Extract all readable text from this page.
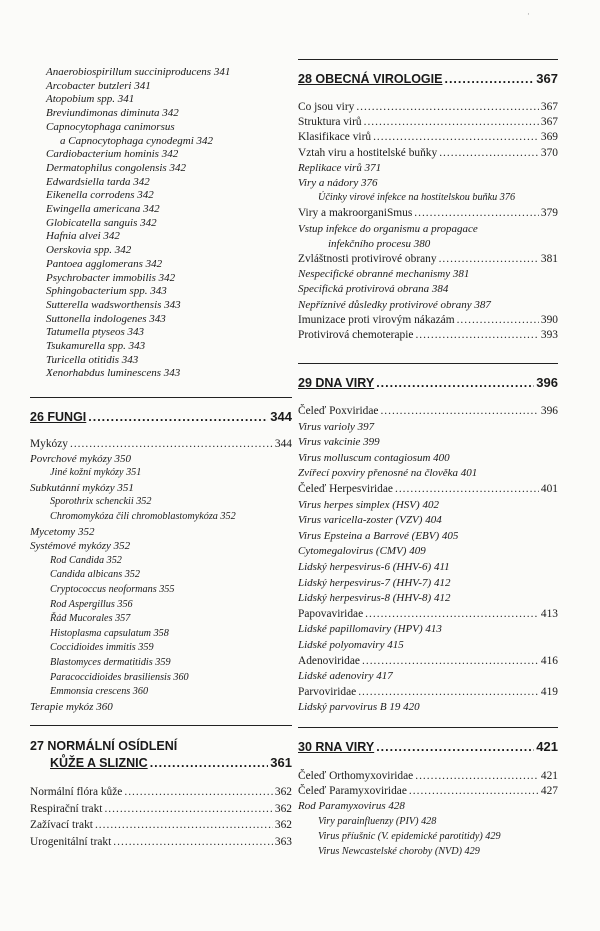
Anaerobiospirillum succiniproducens 341
Arcobacter butzleri 341
Atopobium spp. 341
Breviundimonas diminuta 342
Capnocytophaga canimorsus
a Capnocytophaga cynodegmi 342
Cardiobacterium hominis 342
Dermatophilus congolensis 342
Edwardsiella tarda 342
Eikenella corrodens 342
Ewingella americana 342
Globicatella sanguis 342
Hafnia alvei 342
Oerskovia spp. 342
Pantoea agglomerans 342
Psychrobacter immobilis 342
Sphingobacterium spp. 343
Sutterella wadsworthensis 343
Suttonella indologenes 343
Tatumella ptyseos 343
Tsukamurella spp. 343
Turicella otitidis 343
Xenorhabdus luminescens 343
26 FUNGI .....	344
Mykózy .....	344
Povrchové mykózy 350
Jiné kožní mykózy 351
Subkutánní mykózy 351
Sporothrix schenckii 352
Chromomykóza čili chromoblastomykóza 352
Mycetomy 352
Systémové mykózy 352
Rod Candida 352
Candida albicans 352
Cryptococcus neoformans 355
Rod Aspergillus 356
Řád Mucorales 357
Histoplasma capsulatum 358
Coccidioides immitis 359
Blastomyces dermatitidis 359
Paracoccidioides brasiliensis 360
Emmonsia crescens 360
Terapie mykóz 360
27 NORMÁLNÍ OSÍDLENÍ
KŮŽE A SLIZNIC .....	361
Normální flóra kůže .....	362
Respirační trakt .....	362
Zažívací trakt .....	362
Urogenitální trakt .....	363
28 OBECNÁ VIROLOGIE .....	367
Co jsou viry .....	367
Struktura virů .....	367
Klasifikace virů .....	369
Vztah viru a hostitelské buňky .....	370
Replikace virů 371
Viry a nádory 376
Účinky virové infekce na hostitelskou buňku 376
Viry a makroorganiSmus .....	379
Vstup infekce do organismu a propagace
infekčního procesu 380
Zvláštnosti protivirové obrany .....	381
Nespecifické obranné mechanismy 381
Specifická protivirová obrana 384
Nepříznivé důsledky protivirové obrany 387
Imunizace proti virovým nákazám .....	390
Protivirová chemoterapie .....	393
29 DNA VIRY .....	396
Čeleď Poxviridae .....	396
Virus varioly 397
Virus vakcinie 399
Virus molluscum contagiosum 400
Zvířecí poxviry přenosné na člověka 401
Čeleď Herpesviridae .....	401
Virus herpes simplex (HSV) 402
Virus varicella-zoster (VZV) 404
Virus Epsteina a Barrové (EBV) 405
Cytomegalovirus (CMV) 409
Lidský herpesvirus-6 (HHV-6) 411
Lidský herpesvirus-7 (HHV-7) 412
Lidský herpesvirus-8 (HHV-8) 412
Papovaviridae .....	413
Lidské papillomaviry (HPV) 413
Lidské polyomaviry 415
Adenoviridae .....	416
Lidské adenoviry 417
Parvoviridae .....	419
Lidský parvovirus B 19 420
30 RNA VIRY .....	421
Čeleď Orthomyxoviridae .....	421
Čeleď Paramyxoviridae .....	427
Rod Paramyxovirus 428
Viry parainfluenzy (PIV) 428
Virus příušnic (V. epidemické parotitidy) 429
Virus Newcastelské choroby (NVD) 429
·
